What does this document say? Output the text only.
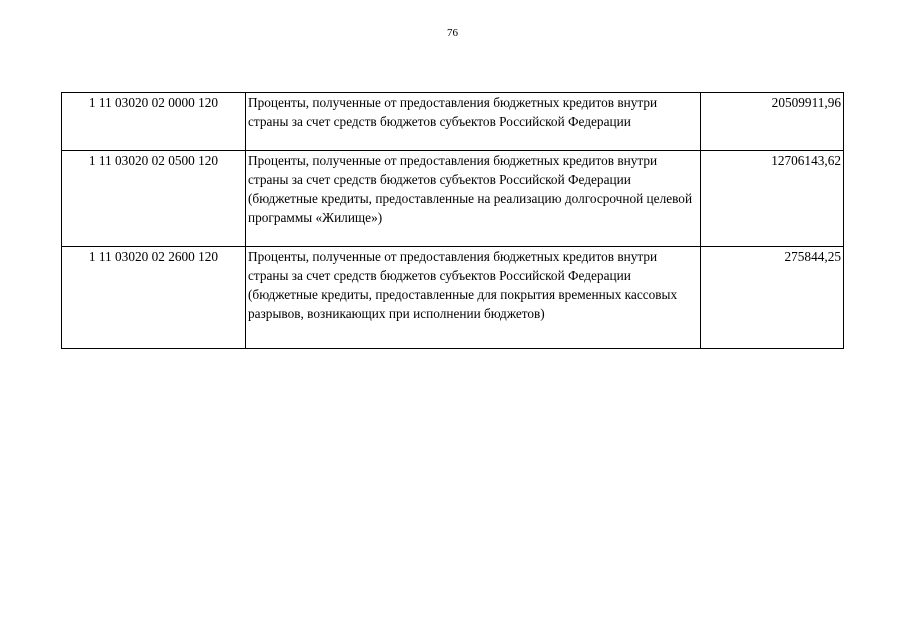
76
1 11 03020 02 0000 120	Проценты, полученные от предоставления бюджетных кредитов внутри страны за счет средств бюджетов субъектов Российской Федерации	20509911,96
1 11 03020 02 0500 120	Проценты, полученные от предоставления бюджетных кредитов внутри страны за счет средств бюджетов субъектов Российской Федерации (бюджетные кредиты, предоставленные на реализацию долгосрочной целевой программы «Жилище»)	12706143,62
1 11 03020 02 2600 120	Проценты, полученные от предоставления бюджетных кредитов внутри страны за счет средств бюджетов субъектов Российской Федерации (бюджетные кредиты, предоставленные для покрытия временных кассовых разрывов, возникающих при исполнении бюджетов)	275844,25
